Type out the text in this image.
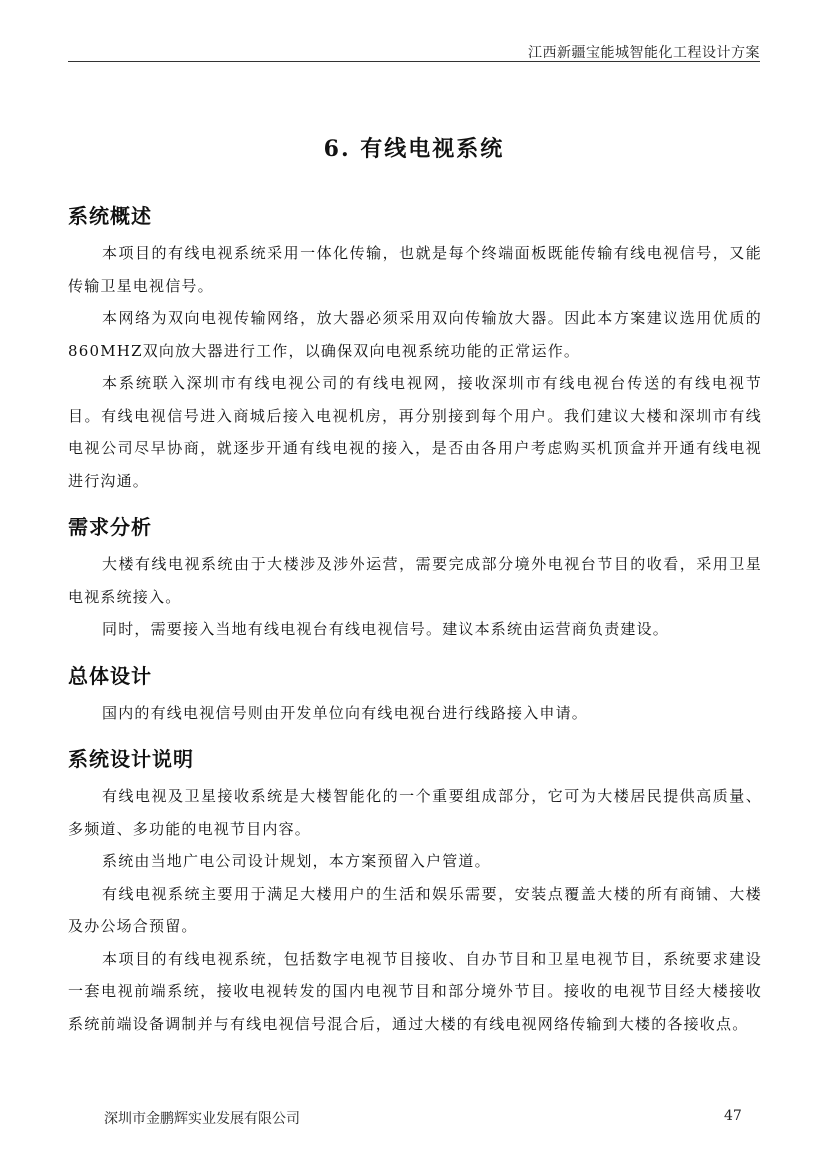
江西新疆宝能城智能化工程设计方案
6. 有线电视系统
系统概述

本项目的有线电视系统采用一体化传输，也就是每个终端面板既能传输有线电视信号，又能传输卫星电视信号。

本网络为双向电视传输网络，放大器必须采用双向传输放大器。因此本方案建议选用优质的860MHZ双向放大器进行工作，以确保双向电视系统功能的正常运作。

本系统联入深圳市有线电视公司的有线电视网，接收深圳市有线电视台传送的有线电视节目。有线电视信号进入商城后接入电视机房，再分别接到每个用户。我们建议大楼和深圳市有线电视公司尽早协商，就逐步开通有线电视的接入，是否由各用户考虑购买机顶盒并开通有线电视进行沟通。

需求分析

大楼有线电视系统由于大楼涉及涉外运营，需要完成部分境外电视台节目的收看，采用卫星电视系统接入。

同时，需要接入当地有线电视台有线电视信号。建议本系统由运营商负责建设。

总体设计

国内的有线电视信号则由开发单位向有线电视台进行线路接入申请。

系统设计说明

有线电视及卫星接收系统是大楼智能化的一个重要组成部分，它可为大楼居民提供高质量、多频道、多功能的电视节目内容。

系统由当地广电公司设计规划，本方案预留入户管道。

有线电视系统主要用于满足大楼用户的生活和娱乐需要，安装点覆盖大楼的所有商铺、大楼及办公场合预留。

本项目的有线电视系统，包括数字电视节目接收、自办节目和卫星电视节目，系统要求建设一套电视前端系统，接收电视转发的国内电视节目和部分境外节目。接收的电视节目经大楼接收系统前端设备调制并与有线电视信号混合后，通过大楼的有线电视网络传输到大楼的各接收点。

深圳市金鹏辉实业发展有限公司	47
